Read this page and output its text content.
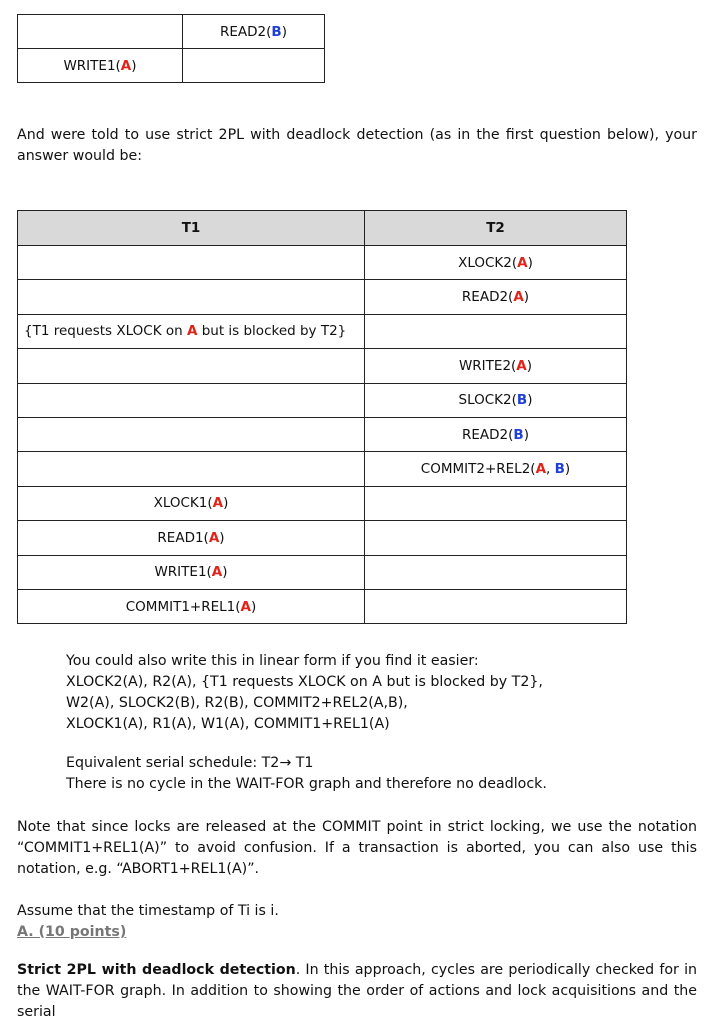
	READ2(B)
WRITE1(A)	
And were told to use strict 2PL with deadlock detection (as in the first question below), your answer would be:
T1	T2
	XLOCK2(A)
	READ2(A)
{T1 requests XLOCK on A but is blocked by T2}	
	WRITE2(A)
	SLOCK2(B)
	READ2(B)
	COMMIT2+REL2(A, B)
XLOCK1(A)	
READ1(A)	
WRITE1(A)	
COMMIT1+REL1(A)	
You could also write this in linear form if you find it easier:
XLOCK2(A), R2(A), {T1 requests XLOCK on A but is blocked by T2},
W2(A), SLOCK2(B), R2(B), COMMIT2+REL2(A,B),
XLOCK1(A), R1(A), W1(A), COMMIT1+REL1(A)
Equivalent serial schedule: T2→ T1
There is no cycle in the WAIT-FOR graph and therefore no deadlock.
Note that since locks are released at the COMMIT point in strict locking, we use the notation “COMMIT1+REL1(A)” to avoid confusion. If a transaction is aborted, you can also use this notation, e.g. “ABORT1+REL1(A)”.
Assume that the timestamp of Ti is i.
A. (10 points)
Strict 2PL with deadlock detection. In this approach, cycles are periodically checked for in the WAIT-FOR graph. In addition to showing the order of actions and lock acquisitions and the serial
